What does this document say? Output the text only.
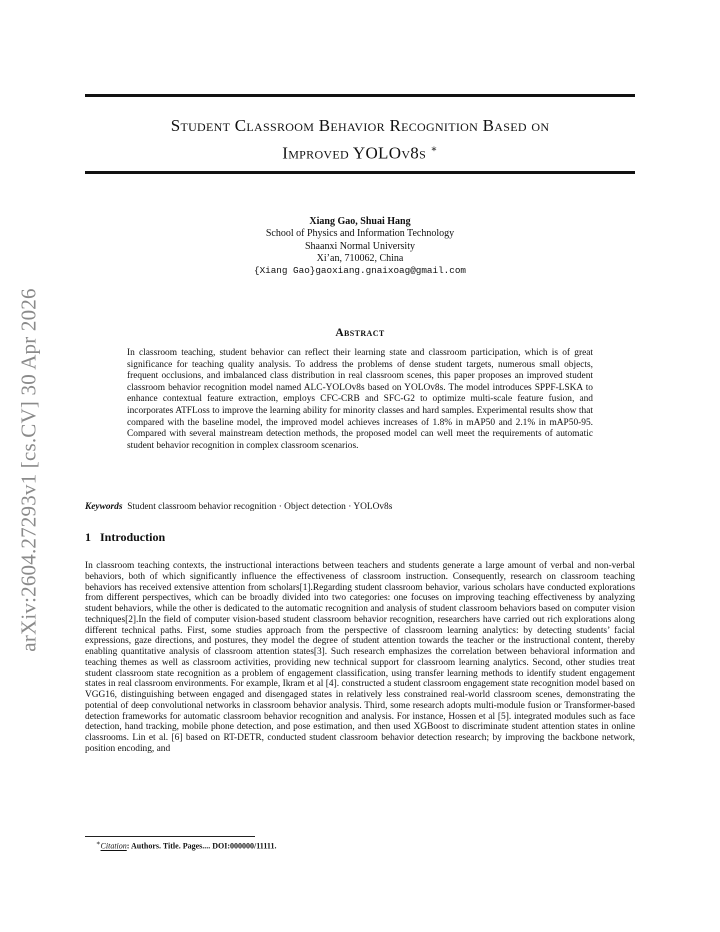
arXiv:2604.27293v1 [cs.CV] 30 Apr 2026
Student Classroom Behavior Recognition Based on
Improved YOLOv8s ∗
Xiang Gao, Shuai Hang
School of Physics and Information Technology
Shaanxi Normal University
Xi’an, 710062, China
{Xiang Gao}gaoxiang.gnaixoag@gmail.com
Abstract
In classroom teaching, student behavior can reflect their learning state and classroom participation, which is of great significance for teaching quality analysis. To address the problems of dense student targets, numerous small objects, frequent occlusions, and imbalanced class distribution in real classroom scenes, this paper proposes an improved student classroom behavior recognition model named ALC-YOLOv8s based on YOLOv8s. The model introduces SPPF-LSKA to enhance contextual feature extraction, employs CFC-CRB and SFC-G2 to optimize multi-scale feature fusion, and incorporates ATFLoss to improve the learning ability for minority classes and hard samples. Experimental results show that compared with the baseline model, the improved model achieves increases of 1.8% in mAP50 and 2.1% in mAP50-95. Compared with several mainstream detection methods, the proposed model can well meet the requirements of automatic student behavior recognition in complex classroom scenarios.
Keywords Student classroom behavior recognition · Object detection · YOLOv8s
1 Introduction
In classroom teaching contexts, the instructional interactions between teachers and students generate a large amount of verbal and non-verbal behaviors, both of which significantly influence the effectiveness of classroom instruction. Consequently, research on classroom teaching behaviors has received extensive attention from scholars[1].Regarding student classroom behavior, various scholars have conducted explorations from different perspectives, which can be broadly divided into two categories: one focuses on improving teaching effectiveness by analyzing student behaviors, while the other is dedicated to the automatic recognition and analysis of student classroom behaviors based on computer vision techniques[2].In the field of computer vision-based student classroom behavior recognition, researchers have carried out rich explorations along different technical paths. First, some studies approach from the perspective of classroom learning analytics: by detecting students’ facial expressions, gaze directions, and postures, they model the degree of student attention towards the teacher or the instructional content, thereby enabling quantitative analysis of classroom attention states[3]. Such research emphasizes the correlation between behavioral information and teaching themes as well as classroom activities, providing new technical support for classroom learning analytics. Second, other studies treat student classroom state recognition as a problem of engagement classification, using transfer learning methods to identify student engagement states in real classroom environments. For example, Ikram et al [4]. constructed a student classroom engagement state recognition model based on VGG16, distinguishing between engaged and disengaged states in relatively less constrained real-world classroom scenes, demonstrating the potential of deep convolutional networks in classroom behavior analysis. Third, some research adopts multi-module fusion or Transformer-based detection frameworks for automatic classroom behavior recognition and analysis. For instance, Hossen et al [5]. integrated modules such as face detection, hand tracking, mobile phone detection, and pose estimation, and then used XGBoost to discriminate student attention states in online classrooms. Lin et al. [6] based on RT-DETR, conducted student classroom behavior detection research; by improving the backbone network, position encoding, and
∗Citation: Authors. Title. Pages.... DOI:000000/11111.
